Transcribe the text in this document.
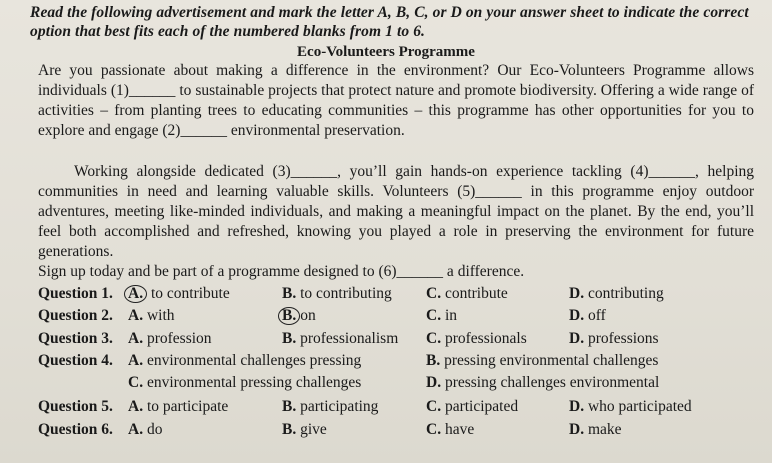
Read the following advertisement and mark the letter A, B, C, or D on your answer sheet to indicate the correct option that best fits each of the numbered blanks from 1 to 6.
Eco-Volunteers Programme
Are you passionate about making a difference in the environment? Our Eco-Volunteers Programme allows individuals (1)______ to sustainable projects that protect nature and promote biodiversity. Offering a wide range of activities – from planting trees to educating communities – this programme has other opportunities for you to explore and engage (2)______ environmental preservation.
Working alongside dedicated (3)______, you’ll gain hands-on experience tackling (4)______, helping communities in need and learning valuable skills. Volunteers (5)______ in this programme enjoy outdoor adventures, meeting like-minded individuals, and making a meaningful impact on the planet. By the end, you’ll feel both accomplished and refreshed, knowing you played a role in preserving the environment for future generations.
Sign up today and be part of a programme designed to (6)______ a difference.
Question 1. A. to contribute	B. to contributing C. contribute	D. contributing
Question 2. A. with	B. on	C. in	D. off
Question 3. A. profession	B. professionalism C. professionals	D. professions
Question 4. A. environmental challenges pressing	B. pressing environmental challenges
C. environmental pressing challenges	D. pressing challenges environmental
Question 5. A. to participate	B. participating	C. participated	D. who participated
Question 6. A. do	B. give	C. have	D. make
